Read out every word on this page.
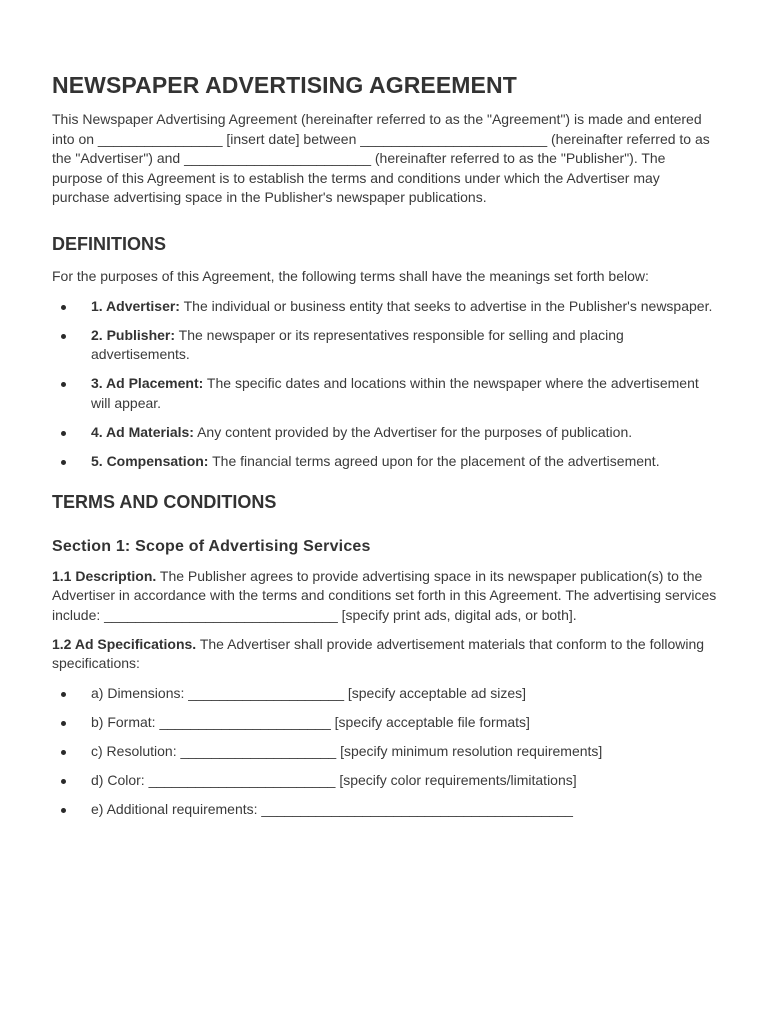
NEWSPAPER ADVERTISING AGREEMENT

This Newspaper Advertising Agreement (hereinafter referred to as the "Agreement") is made and entered into on ________________ [insert date] between ________________________ (hereinafter referred to as the "Advertiser") and ________________________ (hereinafter referred to as the "Publisher"). The purpose of this Agreement is to establish the terms and conditions under which the Advertiser may purchase advertising space in the Publisher's newspaper publications.

DEFINITIONS

For the purposes of this Agreement, the following terms shall have the meanings set forth below:

1. Advertiser: The individual or business entity that seeks to advertise in the Publisher's newspaper.
2. Publisher: The newspaper or its representatives responsible for selling and placing advertisements.
3. Ad Placement: The specific dates and locations within the newspaper where the advertisement will appear.
4. Ad Materials: Any content provided by the Advertiser for the purposes of publication.
5. Compensation: The financial terms agreed upon for the placement of the advertisement.
TERMS AND CONDITIONS
Section 1: Scope of Advertising Services

1.1 Description. The Publisher agrees to provide advertising space in its newspaper publication(s) to the Advertiser in accordance with the terms and conditions set forth in this Agreement. The advertising services include: ______________________________ [specify print ads, digital ads, or both].

1.2 Ad Specifications. The Advertiser shall provide advertisement materials that conform to the following specifications:

a) Dimensions: ____________________ [specify acceptable ad sizes]
b) Format: ______________________ [specify acceptable file formats]
c) Resolution: ____________________ [specify minimum resolution requirements]
d) Color: ________________________ [specify color requirements/limitations]
e) Additional requirements: ________________________________________
